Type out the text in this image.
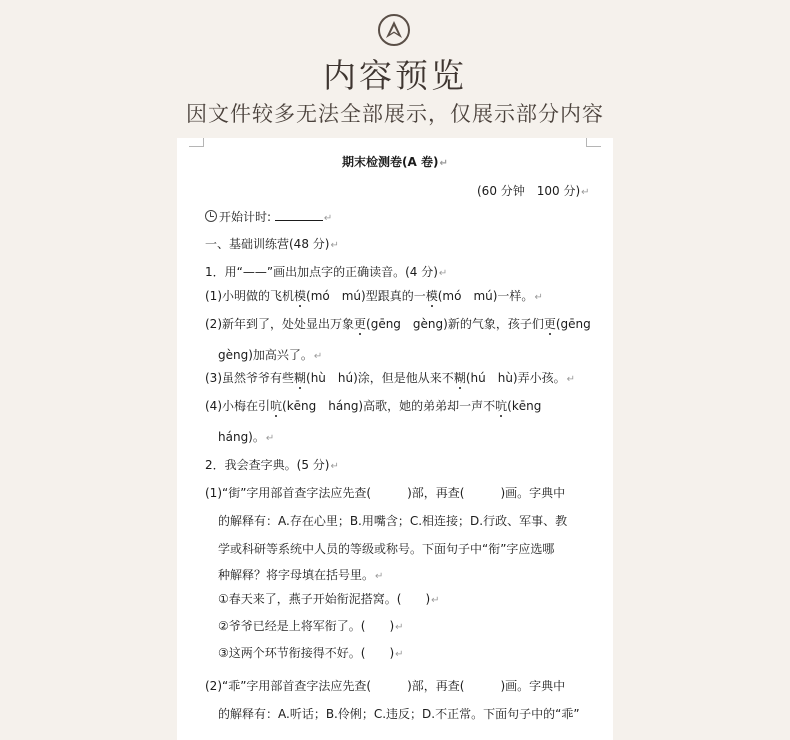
内容预览
因文件较多无法全部展示，仅展示部分内容
期末检测卷(A 卷)↵
(60 分钟　100 分)↵
开始计时:	↵
一、基础训练营(48 分)↵
1．用“——”画出加点字的正确读音。(4 分)↵
(1)小明做的飞机模(mó　mú)型跟真的一模(mó　mú)一样。↵
(2)新年到了，处处显出万象更(gēng　gèng)新的气象，孩子们更(gēng
gèng)加高兴了。↵
(3)虽然爷爷有些糊(hù　hú)涂，但是他从来不糊(hú　hù)弄小孩。↵
(4)小梅在引吭(kēng　háng)高歌，她的弟弟却一声不吭(kēng
háng)。↵
2．我会查字典。(5 分)↵
(1)“街”字用部首查字法应先查(　　　)部，再查(　　　)画。字典中
的解释有：A.存在心里；B.用嘴含；C.相连接；D.行政、军事、教
学或科研等系统中人员的等级或称号。下面句子中“衔”字应选哪
种解释？将字母填在括号里。↵
①春天来了，燕子开始衔泥搭窝。(　　)↵
②爷爷已经是上将军衔了。(　　)↵
③这两个环节衔接得不好。(　　)↵
(2)“乖”字用部首查字法应先查(　　　)部，再查(　　　)画。字典中
的解释有：A.听话；B.伶俐；C.违反；D.不正常。下面句子中的“乖”
